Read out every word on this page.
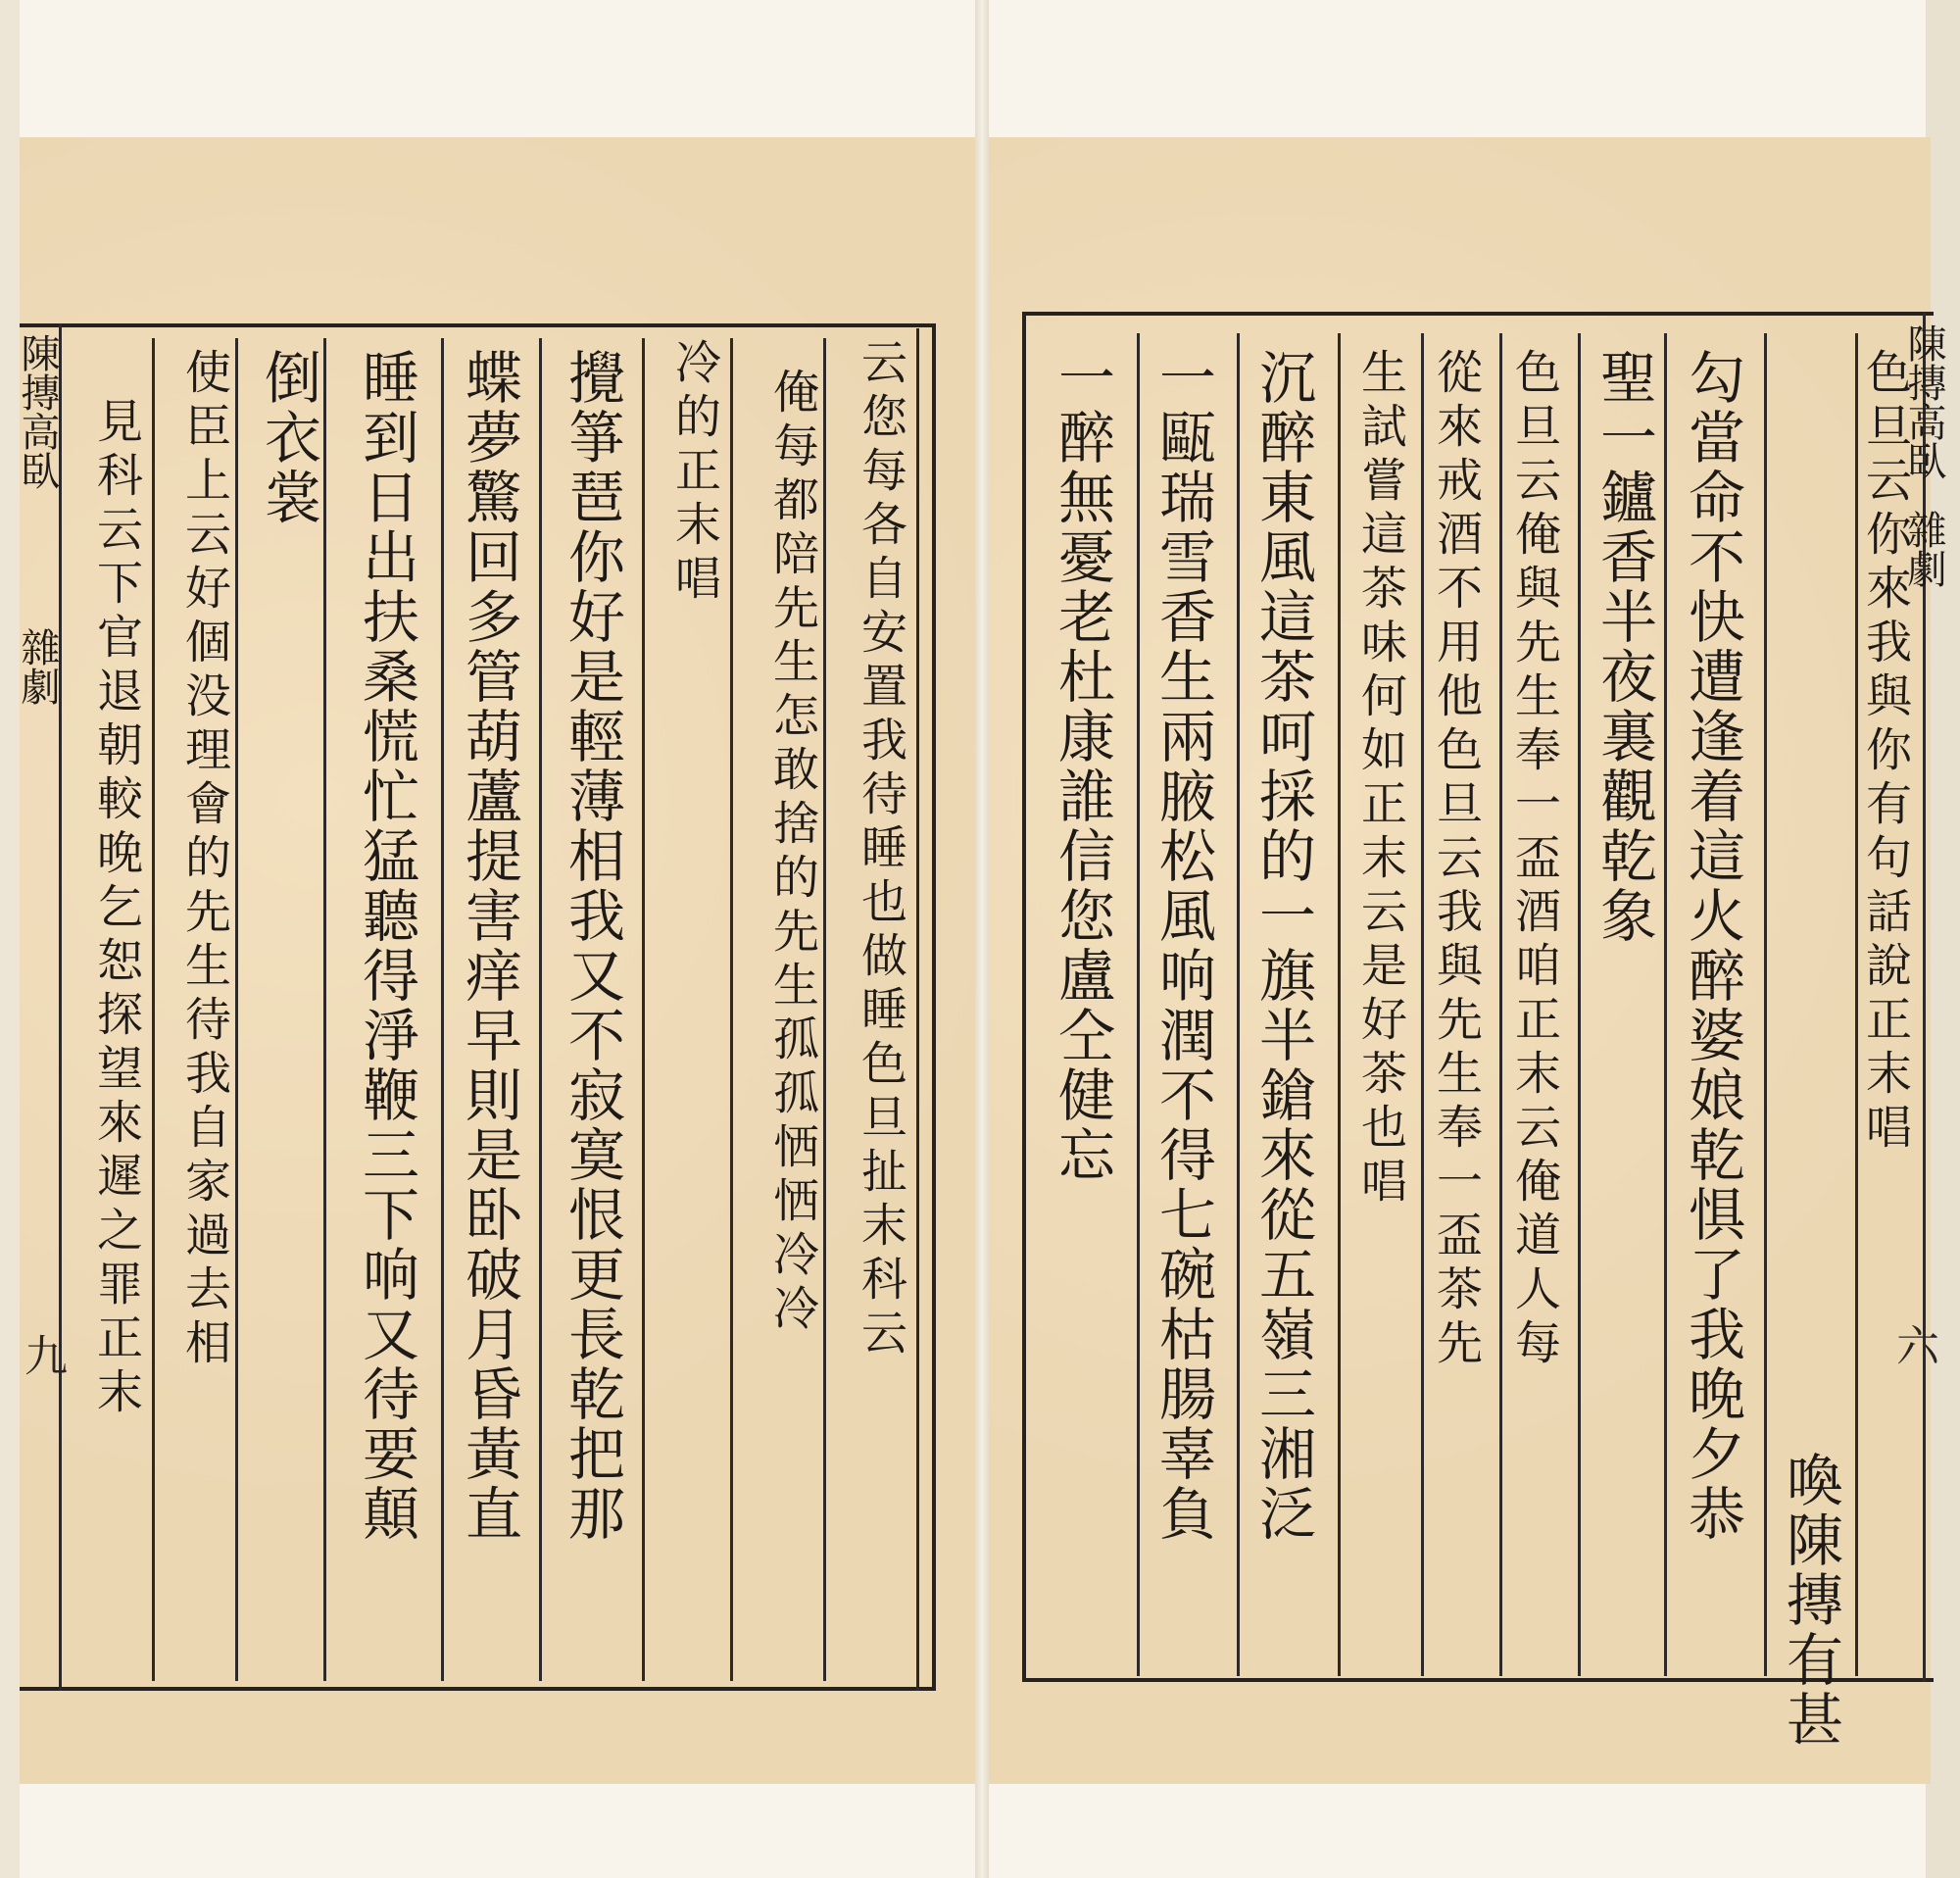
陳摶高臥
雜劇
六
色旦云你來我與你有句話說正末唱
喚陳摶有甚
勾當命不快遭逢着這火醉婆娘乾惧了我晚夕恭
聖一鑪香半夜裏觀乾象
色旦云俺與先生奉一盃酒咱正末云俺道人每
從來戒酒不用他色旦云我與先生奉一盃茶先
生試嘗這茶味何如正末云是好茶也唱
沉醉東風這茶呵採的一旗半鎗來從五嶺三湘泛
一甌瑞雪香生兩腋松風响潤不得七碗枯腸辜負
一醉無憂老杜康誰信您盧仝健忘
陳摶高臥
雜劇
九	云您每各自安置我待睡也做睡色旦扯末科云
俺每都陪先生怎敢捨的先生孤孤恓恓冷冷
冷的正末唱
攪箏琶你好是輕薄相我又不寂寞恨更長乾把那
蝶夢驚回多管葫蘆提害痒早則是卧破月昏黃直
睡到日出扶桑慌忙猛聽得淨鞭三下响又待要顛
倒衣裳
使臣上云好個没理會的先生待我自家過去相
見科云下官退朝較晚乞恕探望來遲之罪正末
